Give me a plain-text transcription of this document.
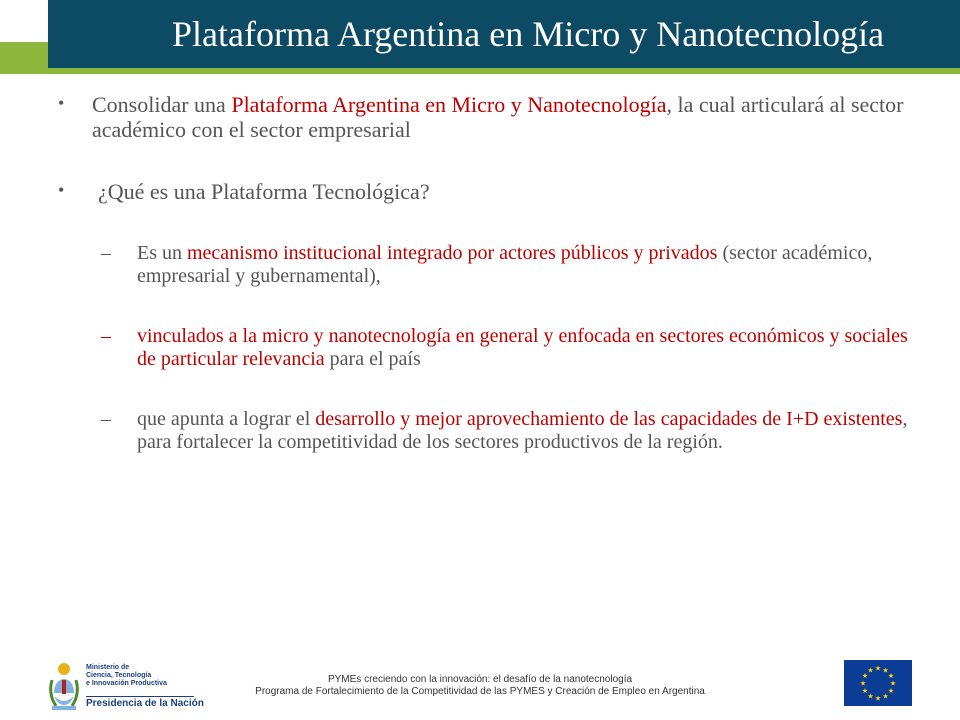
Plataforma Argentina en Micro y Nanotecnología

• Consolidar una Plataforma Argentina en Micro y Nanotecnología, la cual articulará al sector académico con el sector empresarial

• ¿Qué es una Plataforma Tecnológica?

– Es un mecanismo institucional integrado por actores públicos y privados (sector académico, empresarial y gubernamental),

– vinculados a la micro y nanotecnología en general y enfocada en sectores económicos y sociales de particular relevancia para el país

– que apunta a lograr el desarrollo y mejor aprovechamiento de las capacidades de I+D existentes, para fortalecer la competitividad de los sectores productivos de la región.

Ministerio de
Ciencia, Tecnología
e Innovación Productiva
Presidencia de la Nación
PYMEs creciendo con la innovación: el desafío de la nanotecnología
Programa de Fortalecimiento de la Competitividad de las PYMES y Creación de Empleo en Argentina
★ ★
★
★
★
★
★
★
★
★
★
★
